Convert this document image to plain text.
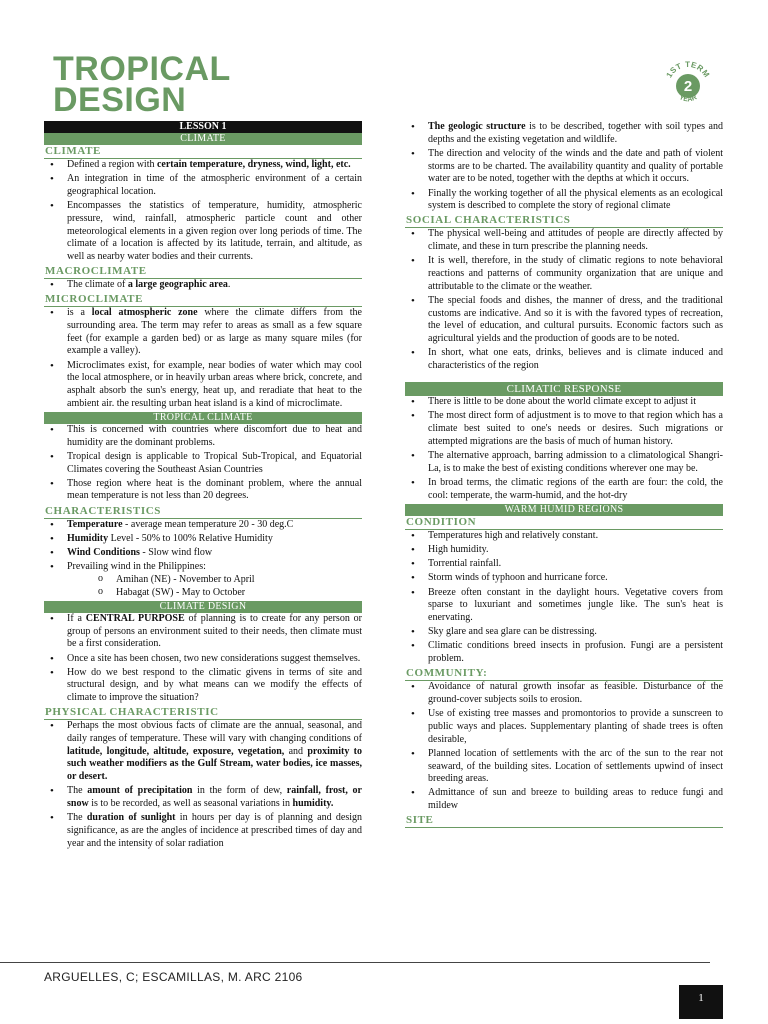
TROPICAL
DESIGN	2
1ST TERM
YEAR
LESSON 1
CLIMATE
CLIMATE
• Defined a region with certain temperature, dryness, wind, light, etc.
• An integration in time of the atmospheric environment of a certain geographical location.
• Encompasses the statistics of temperature, humidity, atmospheric pressure, wind, rainfall, atmospheric particle count and other meteorological elements in a given region over long periods of time. The climate of a location is affected by its latitude, terrain, and altitude, as well as nearby water bodies and their currents.
MACROCLIMATE
• The climate of a large geographic area.
MICROCLIMATE
• is a local atmospheric zone where the climate differs from the surrounding area. The term may refer to areas as small as a few square feet (for example a garden bed) or as large as many square miles (for example a valley).
• Microclimates exist, for example, near bodies of water which may cool the local atmosphere, or in heavily urban areas where brick, concrete, and asphalt absorb the sun's energy, heat up, and reradiate that heat to the ambient air. the resulting urban heat island is a kind of microclimate.
TROPICAL CLIMATE
• This is concerned with countries where discomfort due to heat and humidity are the dominant problems.
• Tropical design is applicable to Tropical Sub-Tropical, and Equatorial Climates covering the Southeast Asian Countries
• Those region where heat is the dominant problem, where the annual mean temperature is not less than 20 degrees.
CHARACTERISTICS
• Temperature - average mean temperature 20 - 30 deg.C
• Humidity Level - 50% to 100% Relative Humidity
• Wind Conditions - Slow wind flow
• Prevailing wind in the Philippines:
o Amihan (NE) - November to April
o Habagat (SW) - May to October
CLIMATE DESIGN
• If a CENTRAL PURPOSE of planning is to create for any person or group of persons an environment suited to their needs, then climate must be a first consideration.
• Once a site has been chosen, two new considerations suggest themselves.
• How do we best respond to the climatic givens in terms of site and structural design, and by what means can we modify the effects of climate to improve the situation?
PHYSICAL CHARACTERISTIC
• Perhaps the most obvious facts of climate are the annual, seasonal, and daily ranges of temperature. These will vary with changing conditions of latitude, longitude, altitude, exposure, vegetation, and proximity to such weather modifiers as the Gulf Stream, water bodies, ice masses, or desert.
• The amount of precipitation in the form of dew, rainfall, frost, or snow is to be recorded, as well as seasonal variations in humidity.
• The duration of sunlight in hours per day is of planning and design significance, as are the angles of incidence at prescribed times of day and year and the intensity of solar radiation
• The geologic structure is to be described, together with soil types and depths and the existing vegetation and wildlife.
• The direction and velocity of the winds and the date and path of violent storms are to be charted. The availability quantity and quality of portable water are to be noted, together with the depths at which it occurs.
• Finally the working together of all the physical elements as an ecological system is described to complete the story of regional climate
SOCIAL CHARACTERISTICS
• The physical well-being and attitudes of people are directly affected by climate, and these in turn prescribe the planning needs.
• It is well, therefore, in the study of climatic regions to note behavioral reactions and patterns of community organization that are unique and attributable to the climate or the weather.
• The special foods and dishes, the manner of dress, and the traditional customs are indicative. And so it is with the favored types of recreation, the level of education, and cultural pursuits. Economic factors such as agricultural yields and the production of goods are to be noted.
• In short, what one eats, drinks, believes and is climate induced and characteristics of the region
CLIMATIC RESPONSE
• There is little to be done about the world climate except to adjust it
• The most direct form of adjustment is to move to that region which has a climate best suited to one's needs or desires. Such migrations or attempted migrations are the basis of much of human history.
• The alternative approach, barring admission to a climatological Shangri-La, is to make the best of existing conditions wherever one may be.
• In broad terms, the climatic regions of the earth are four: the cold, the cool: temperate, the warm-humid, and the hot-dry
WARM HUMID REGIONS
CONDITION
• Temperatures high and relatively constant.
• High humidity.
• Torrential rainfall.
• Storm winds of typhoon and hurricane force.
• Breeze often constant in the daylight hours. Vegetative covers from sparse to luxuriant and sometimes jungle like. The sun's heat is enervating.
• Sky glare and sea glare can be distressing.
• Climatic conditions breed insects in profusion. Fungi are a persistent problem.
COMMUNITY:
• Avoidance of natural growth insofar as feasible. Disturbance of the ground-cover subjects soils to erosion.
• Use of existing tree masses and promontorios to provide a sunscreen to public ways and places. Supplementary planting of shade trees is often desirable,
• Planned location of settlements with the arc of the sun to the rear not seaward, of the building sites. Location of settlements upwind of insect breeding areas.
• Admittance of sun and breeze to building areas to reduce fungi and mildew
SITE
ARGUELLES, C; ESCAMILLAS, M. ARC 2106
1
